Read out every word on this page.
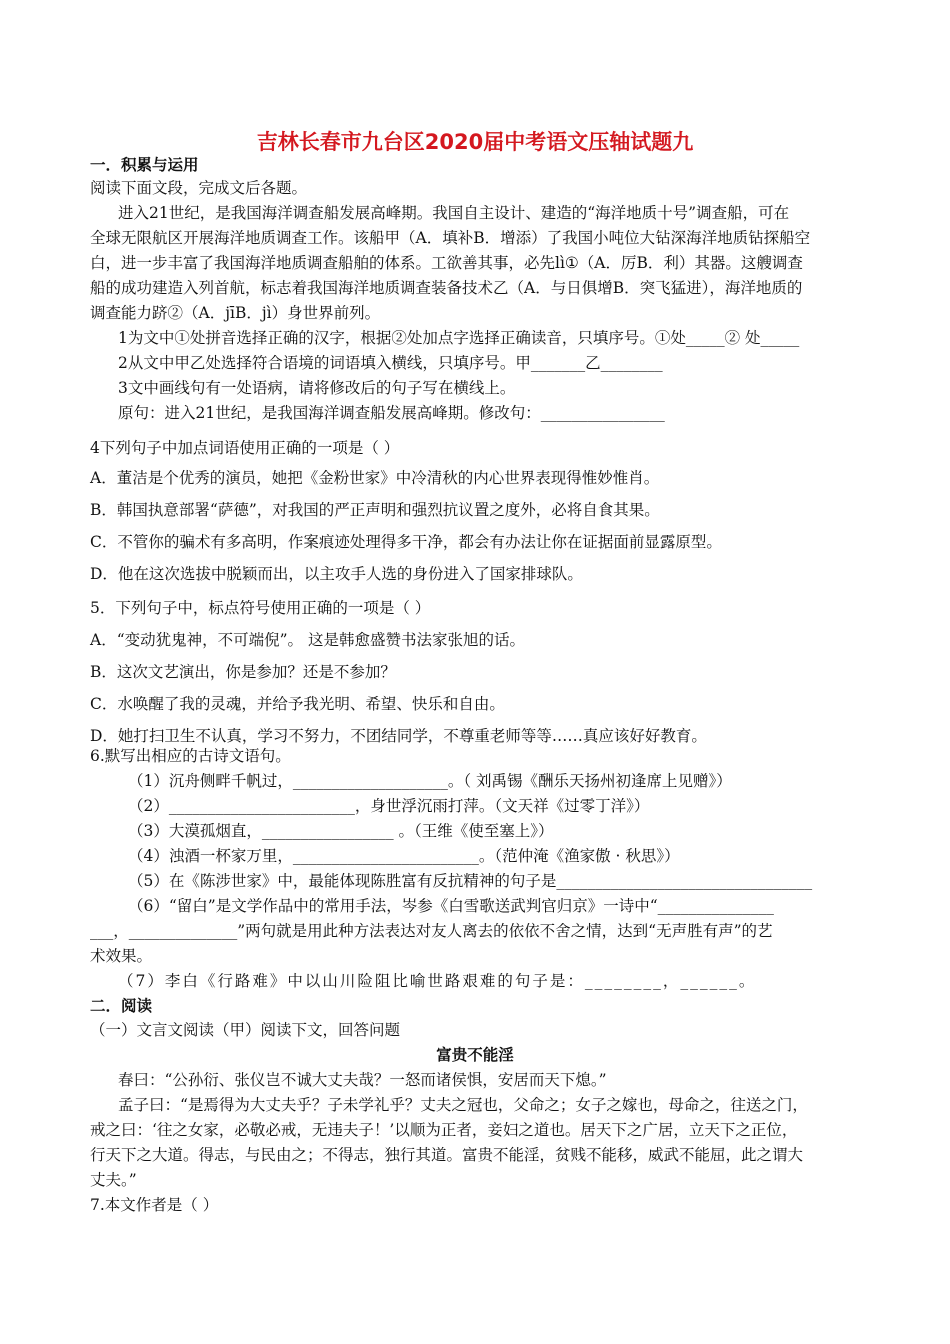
吉林长春市九台区2020届中考语文压轴试题九
一．积累与运用
阅读下面文段，完成文后各题。
进入21世纪，是我国海洋调查船发展高峰期。我国自主设计、建造的“海洋地质十号”调查船，可在
全球无限航区开展海洋地质调查工作。该船甲（A．填补B．增添）了我国小吨位大钻深海洋地质钻探船空
白，进一步丰富了我国海洋地质调查船舶的体系。工欲善其事，必先lì①（A．厉B．利）其器。这艘调查
船的成功建造入列首航，标志着我国海洋地质调查装备技术乙（A．与日俱增B．突飞猛进），海洋地质的
调查能力跻②（A．jīB．jì）身世界前列。
1为文中①处拼音选择正确的汉字，根据②处加点字选择正确读音，只填序号。①处_____② 处_____
2从文中甲乙处选择符合语境的词语填入横线，只填序号。甲_______乙________
3文中画线句有一处语病，请将修改后的句子写在横线上。
原句：进入21世纪，是我国海洋调查船发展高峰期。修改句：________________
4下列句子中加点词语使用正确的一项是（ ）
A．董洁是个优秀的演员，她把《金粉世家》中冷清秋的内心世界表现得惟妙惟肖。
B．韩国执意部署“萨德”，对我国的严正声明和强烈抗议置之度外，必将自食其果。
C．不管你的骗术有多高明，作案痕迹处理得多干净，都会有办法让你在证据面前显露原型。
D．他在这次选拔中脱颖而出，以主攻手人选的身份进入了国家排球队。
5．下列句子中，标点符号使用正确的一项是（ ）
A．“变动犹鬼神，不可端倪”。 这是韩愈盛赞书法家张旭的话。
B．这次文艺演出，你是参加？还是不参加？
C．水唤醒了我的灵魂，并给予我光明、希望、快乐和自由。
D．她打扫卫生不认真，学习不努力，不团结同学，不尊重老师等等……真应该好好教育。
6.默写出相应的古诗文语句。
（1）沉舟侧畔千帆过，____________________。（ 刘禹锡《酬乐天扬州初逢席上见赠》）
（2）________________________，身世浮沉雨打萍。（文天祥《过零丁洋》）
（3）大漠孤烟直，_________________ 。（王维《使至塞上》）
（4）浊酒一杯家万里，________________________。（范仲淹《渔家傲 · 秋思》）
（5）在《陈涉世家》中，最能体现陈胜富有反抗精神的句子是_________________________________
（6）“留白”是文学作品中的常用手法，岑参《白雪歌送武判官归京》一诗中“_______________
___，______________”两句就是用此种方法表达对友人离去的依依不舍之情，达到“无声胜有声”的艺
术效果。
（7）李白《行路难》中以山川险阻比喻世路艰难的句子是：________，______。
二．阅读
（一）文言文阅读（甲）阅读下文，回答问题
富贵不能淫
春曰：“公孙衍、张仪岂不诚大丈夫哉？一怒而诸侯惧，安居而天下熄。”
孟子曰：“是焉得为大丈夫乎？子未学礼乎？丈夫之冠也，父命之；女子之嫁也，母命之，往送之门，
戒之曰：‘往之女家，必敬必戒，无违夫子！’以顺为正者，妾妇之道也。居天下之广居，立天下之正位，
行天下之大道。得志，与民由之；不得志，独行其道。富贵不能淫，贫贱不能移，威武不能屈，此之谓大
丈夫。”
7.本文作者是（ ）
